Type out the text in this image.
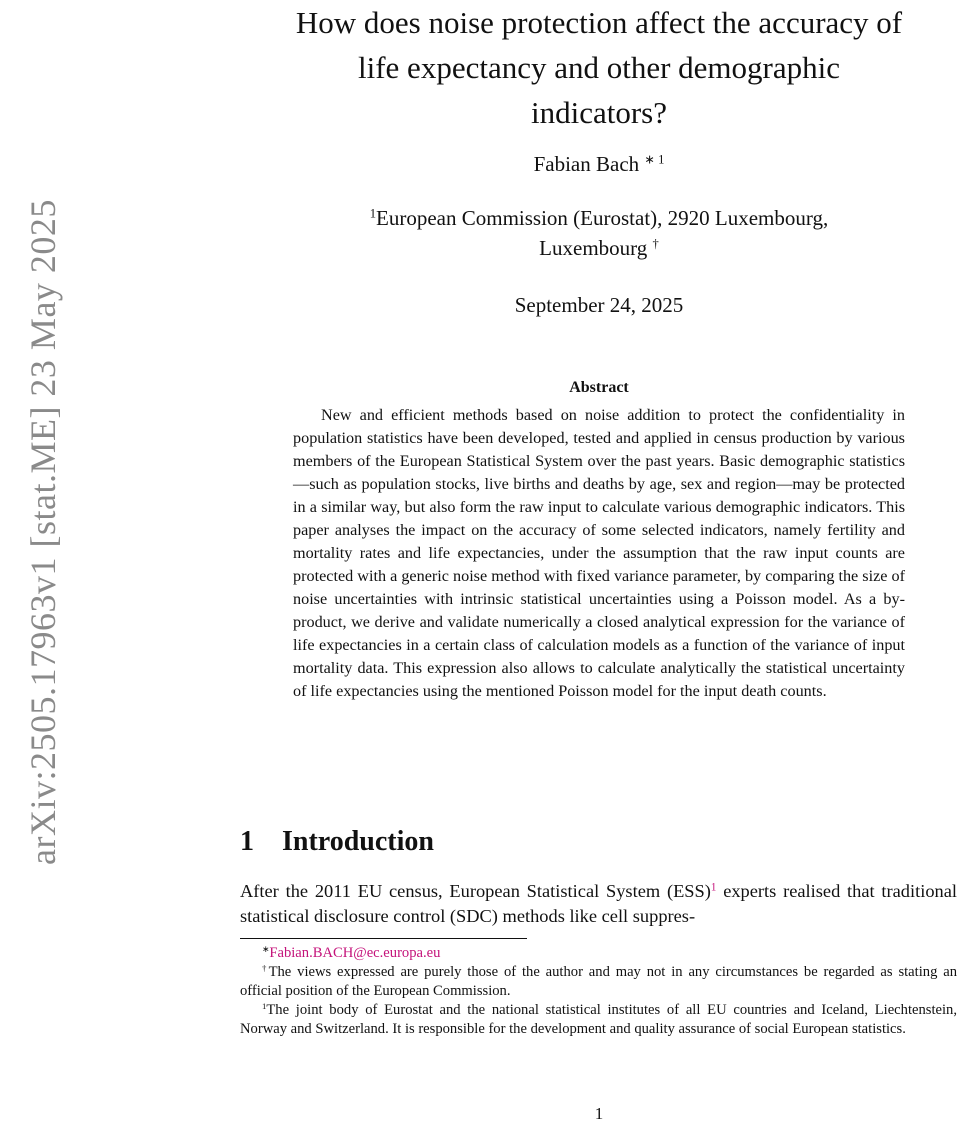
arXiv:2505.17963v1 [stat.ME] 23 May 2025
How does noise protection affect the accuracy of
life expectancy and other demographic
indicators?
Fabian Bach $^{∗ 1}$
$^1$European Commission (Eurostat), 2920 Luxembourg,
Luxembourg †
September 24, 2025
Abstract
New and efficient methods based on noise addition to protect the confidentiality in population statistics have been developed, tested and applied in census production by various members of the European Statistical System over the past years. Basic demographic statistics—such as population stocks, live births and deaths by age, sex and region—may be protected in a similar way, but also form the raw input to calculate various demographic indicators. This paper analyses the impact on the accuracy of some selected indicators, namely fertility and mortality rates and life expectancies, under the assumption that the raw input counts are protected with a generic noise method with fixed variance parameter, by comparing the size of noise uncertainties with intrinsic statistical uncertainties using a Poisson model. As a by-product, we derive and validate numerically a closed analytical expression for the variance of life expectancies in a certain class of calculation models as a function of the variance of input mortality data. This expression also allows to calculate analytically the statistical uncertainty of life expectancies using the mentioned Poisson model for the input death counts.
1 Introduction
After the 2011 EU census, European Statistical System (ESS)$^1$ experts realised that traditional statistical disclosure control (SDC) methods like cell suppres-

∗Fabian.BACH@ec.europa.eu

†The views expressed are purely those of the author and may not in any circumstances be regarded as stating an official position of the European Commission.

$^1$The joint body of Eurostat and the national statistical institutes of all EU countries and Iceland, Liechtenstein, Norway and Switzerland. It is responsible for the development and quality assurance of social European statistics.

1
